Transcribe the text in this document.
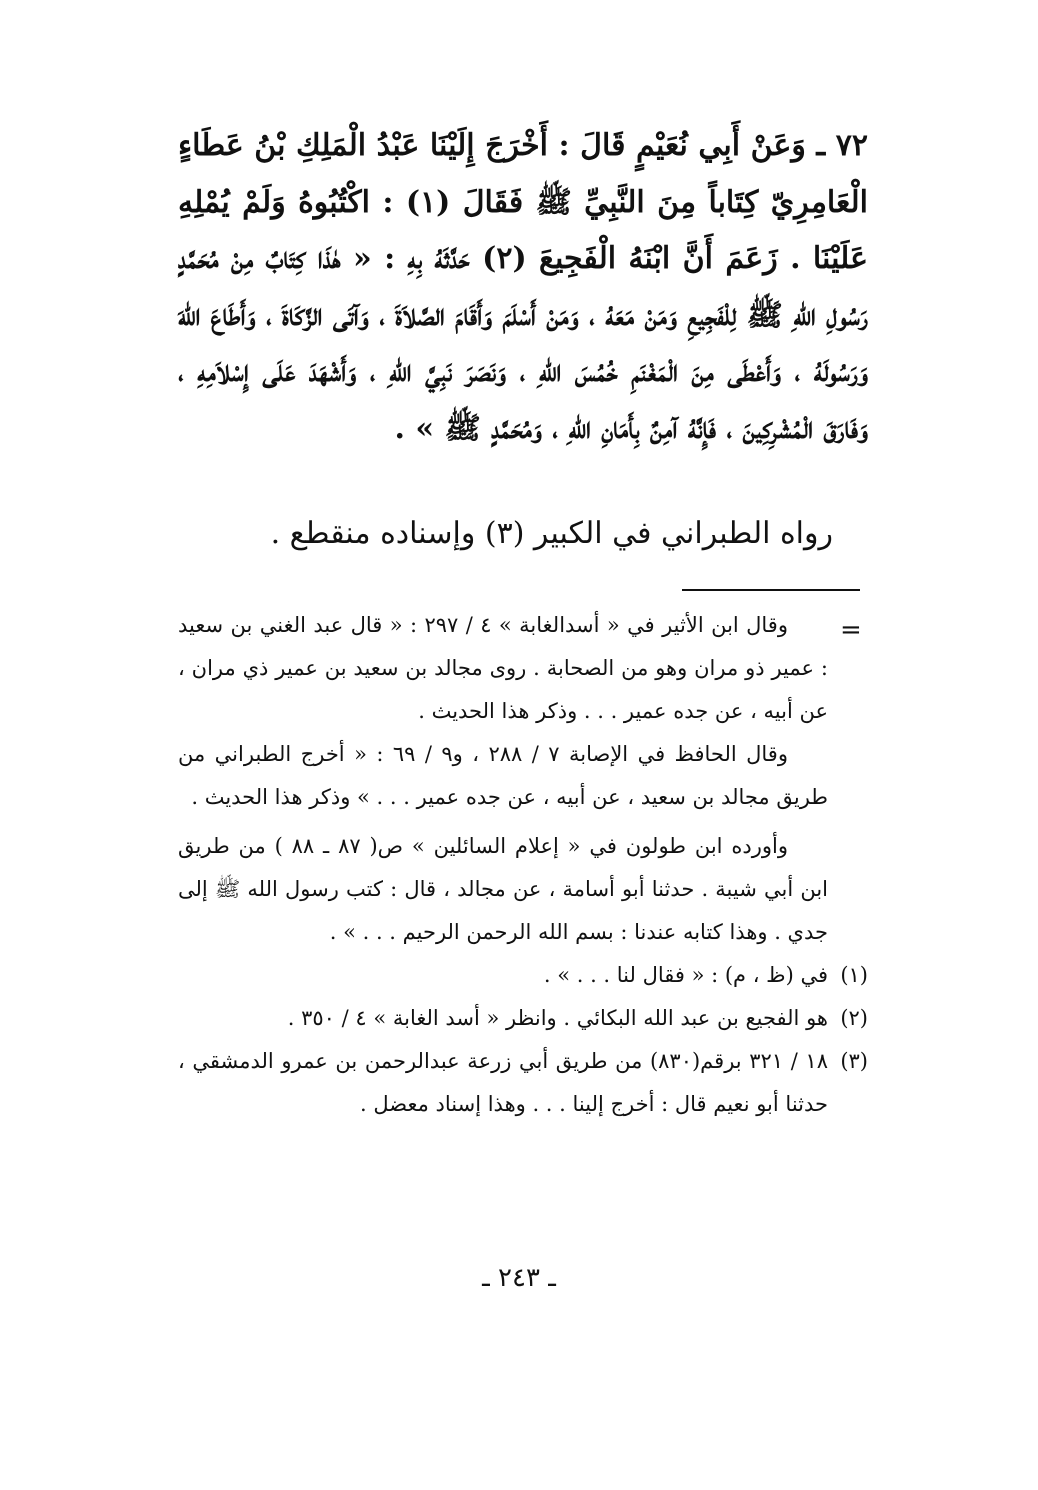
٧٢ ـ وَعَنْ أَبِي نُعَيْمٍ قَالَ : أَخْرَجَ إِلَيْنَا عَبْدُ الْمَلِكِ بْنُ عَطَاءٍ الْعَامِرِيّ كِتَاباً مِنَ النَّبِيِّ ﷺ فَقَالَ (١) : اكْتُبُوهُ وَلَمْ يُمْلِهِ عَلَيْنَا . زَعَمَ أَنَّ ابْنَهُ الْفَجِيعَ (٢) حَدَّثَهُ بِهِ : « هٰذَا كِتَابٌ مِنْ مُحَمَّدٍ رَسُولِ اللهِ ﷺ لِلْفَجِيعِ وَمَنْ مَعَهُ ، وَمَنْ أَسْلَمَ وَأَقَامَ الصَّلاَةَ ، وَآتَى الزَّكَاةَ ، وَأَطَاعَ اللهَ وَرَسُولَهُ ، وَأَعْطَى مِنَ الْمَغْنَمِ خُمُسَ اللهِ ، وَنَصَرَ نَبِيَّ اللهِ ، وَأَشْهَدَ عَلَى إِسْلاَمِهِ ، وَفَارَقَ الْمُشْرِكِينَ ، فَإِنَّهُ آمِنٌ بِأَمَانِ اللهِ ، وَمُحَمَّدٍ ﷺ » .

رواه الطبراني في الكبير (٣) وإسناده منقطع .
=

وقال ابن الأثير في « أسدالغابة » ٤ / ٢٩٧ : « قال عبد الغني بن سعيد : عمير ذو مران وهو من الصحابة . روى مجالد بن سعيد بن عمير ذي مران ، عن أبيه ، عن جده عمير . . . وذكر هذا الحديث .

وقال الحافظ في الإصابة ٧ / ٢٨٨ ، و٩ / ٦٩ : « أخرج الطبراني من طريق مجالد بن سعيد ، عن أبيه ، عن جده عمير . . . » وذكر هذا الحديث .

وأورده ابن طولون في « إعلام السائلين » ص( ٨٧ ـ ٨٨ ) من طريق ابن أبي شيبة . حدثنا أبو أسامة ، عن مجالد ، قال : كتب رسول الله ﷺ إلى جدي . وهذا كتابه عندنا : بسم الله الرحمن الرحيم . . . » .

(١)
في (ظ ، م) : « فقال لنا . . . » .
(٢)
هو الفجيع بن عبد الله البكائي . وانظر « أسد الغابة » ٤ / ٣٥٠ .
(٣)
١٨ / ٣٢١ برقم(٨٣٠) من طريق أبي زرعة عبدالرحمن بن عمرو الدمشقي ، حدثنا أبو نعيم قال : أخرج إلينا . . . وهذا إسناد معضل .
ـ ٢٤٣ ـ
